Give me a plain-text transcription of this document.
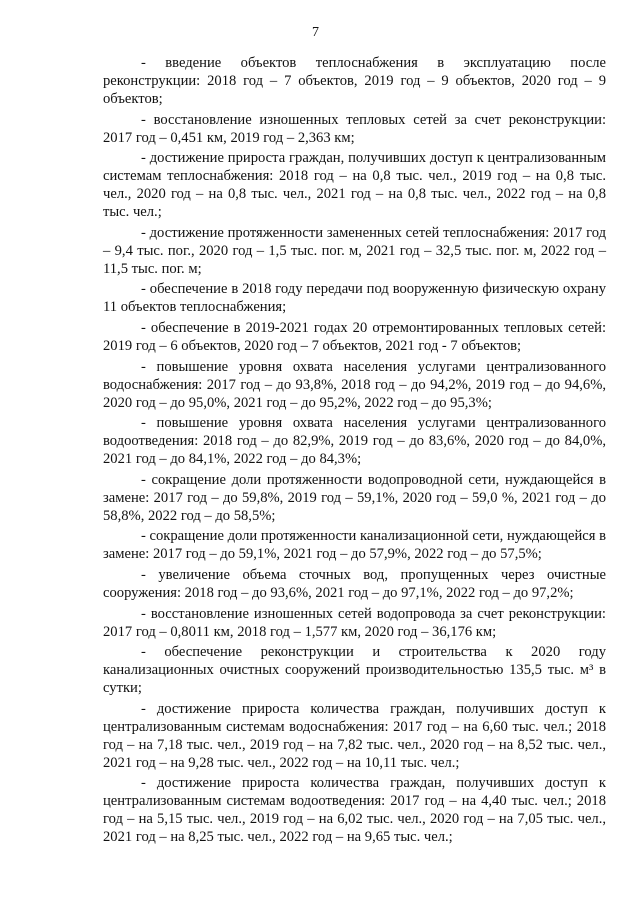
7

- введение объектов теплоснабжения в эксплуатацию после реконструкции: 2018 год – 7 объектов, 2019 год – 9 объектов, 2020 год – 9 объектов;

- восстановление изношенных тепловых сетей за счет реконструкции: 2017 год – 0,451 км, 2019 год – 2,363 км;

- достижение прироста граждан, получивших доступ к централизованным системам теплоснабжения: 2018 год – на 0,8 тыс. чел., 2019 год – на 0,8 тыс. чел., 2020 год – на 0,8 тыс. чел., 2021 год – на 0,8 тыс. чел., 2022 год – на 0,8 тыс. чел.;

- достижение протяженности замененных сетей теплоснабжения: 2017 год – 9,4 тыс. пог., 2020 год – 1,5 тыс. пог. м, 2021 год – 32,5 тыс. пог. м, 2022 год – 11,5 тыс. пог. м;

- обеспечение в 2018 году передачи под вооруженную физическую охрану 11 объектов теплоснабжения;

- обеспечение в 2019-2021 годах 20 отремонтированных тепловых сетей: 2019 год – 6 объектов, 2020 год – 7 объектов, 2021 год - 7 объектов;

- повышение уровня охвата населения услугами централизованного водоснабжения: 2017 год – до 93,8%, 2018 год – до 94,2%, 2019 год – до 94,6%, 2020 год – до 95,0%, 2021 год – до 95,2%, 2022 год – до 95,3%;

- повышение уровня охвата населения услугами централизованного водоотведения: 2018 год – до 82,9%, 2019 год – до 83,6%, 2020 год – до 84,0%, 2021 год – до 84,1%, 2022 год – до 84,3%;

- сокращение доли протяженности водопроводной сети, нуждающейся в замене: 2017 год – до 59,8%, 2019 год – 59,1%, 2020 год – 59,0 %, 2021 год – до 58,8%, 2022 год – до 58,5%;

- сокращение доли протяженности канализационной сети, нуждающейся в замене: 2017 год – до 59,1%, 2021 год – до 57,9%, 2022 год – до 57,5%;

- увеличение объема сточных вод, пропущенных через очистные сооружения: 2018 год – до 93,6%, 2021 год – до 97,1%, 2022 год – до 97,2%;

- восстановление изношенных сетей водопровода за счет реконструкции: 2017 год – 0,8011 км, 2018 год – 1,577 км, 2020 год – 36,176 км;

- обеспечение реконструкции и строительства к 2020 году канализационных очистных сооружений производительностью 135,5 тыс. м³ в сутки;

- достижение прироста количества граждан, получивших доступ к централизованным системам водоснабжения: 2017 год – на 6,60 тыс. чел.; 2018 год – на 7,18 тыс. чел., 2019 год – на 7,82 тыс. чел., 2020 год – на 8,52 тыс. чел., 2021 год – на 9,28 тыс. чел., 2022 год – на 10,11 тыс. чел.;

- достижение прироста количества граждан, получивших доступ к централизованным системам водоотведения: 2017 год – на 4,40 тыс. чел.; 2018 год – на 5,15 тыс. чел., 2019 год – на 6,02 тыс. чел., 2020 год – на 7,05 тыс. чел., 2021 год – на 8,25 тыс. чел., 2022 год – на 9,65 тыс. чел.;
